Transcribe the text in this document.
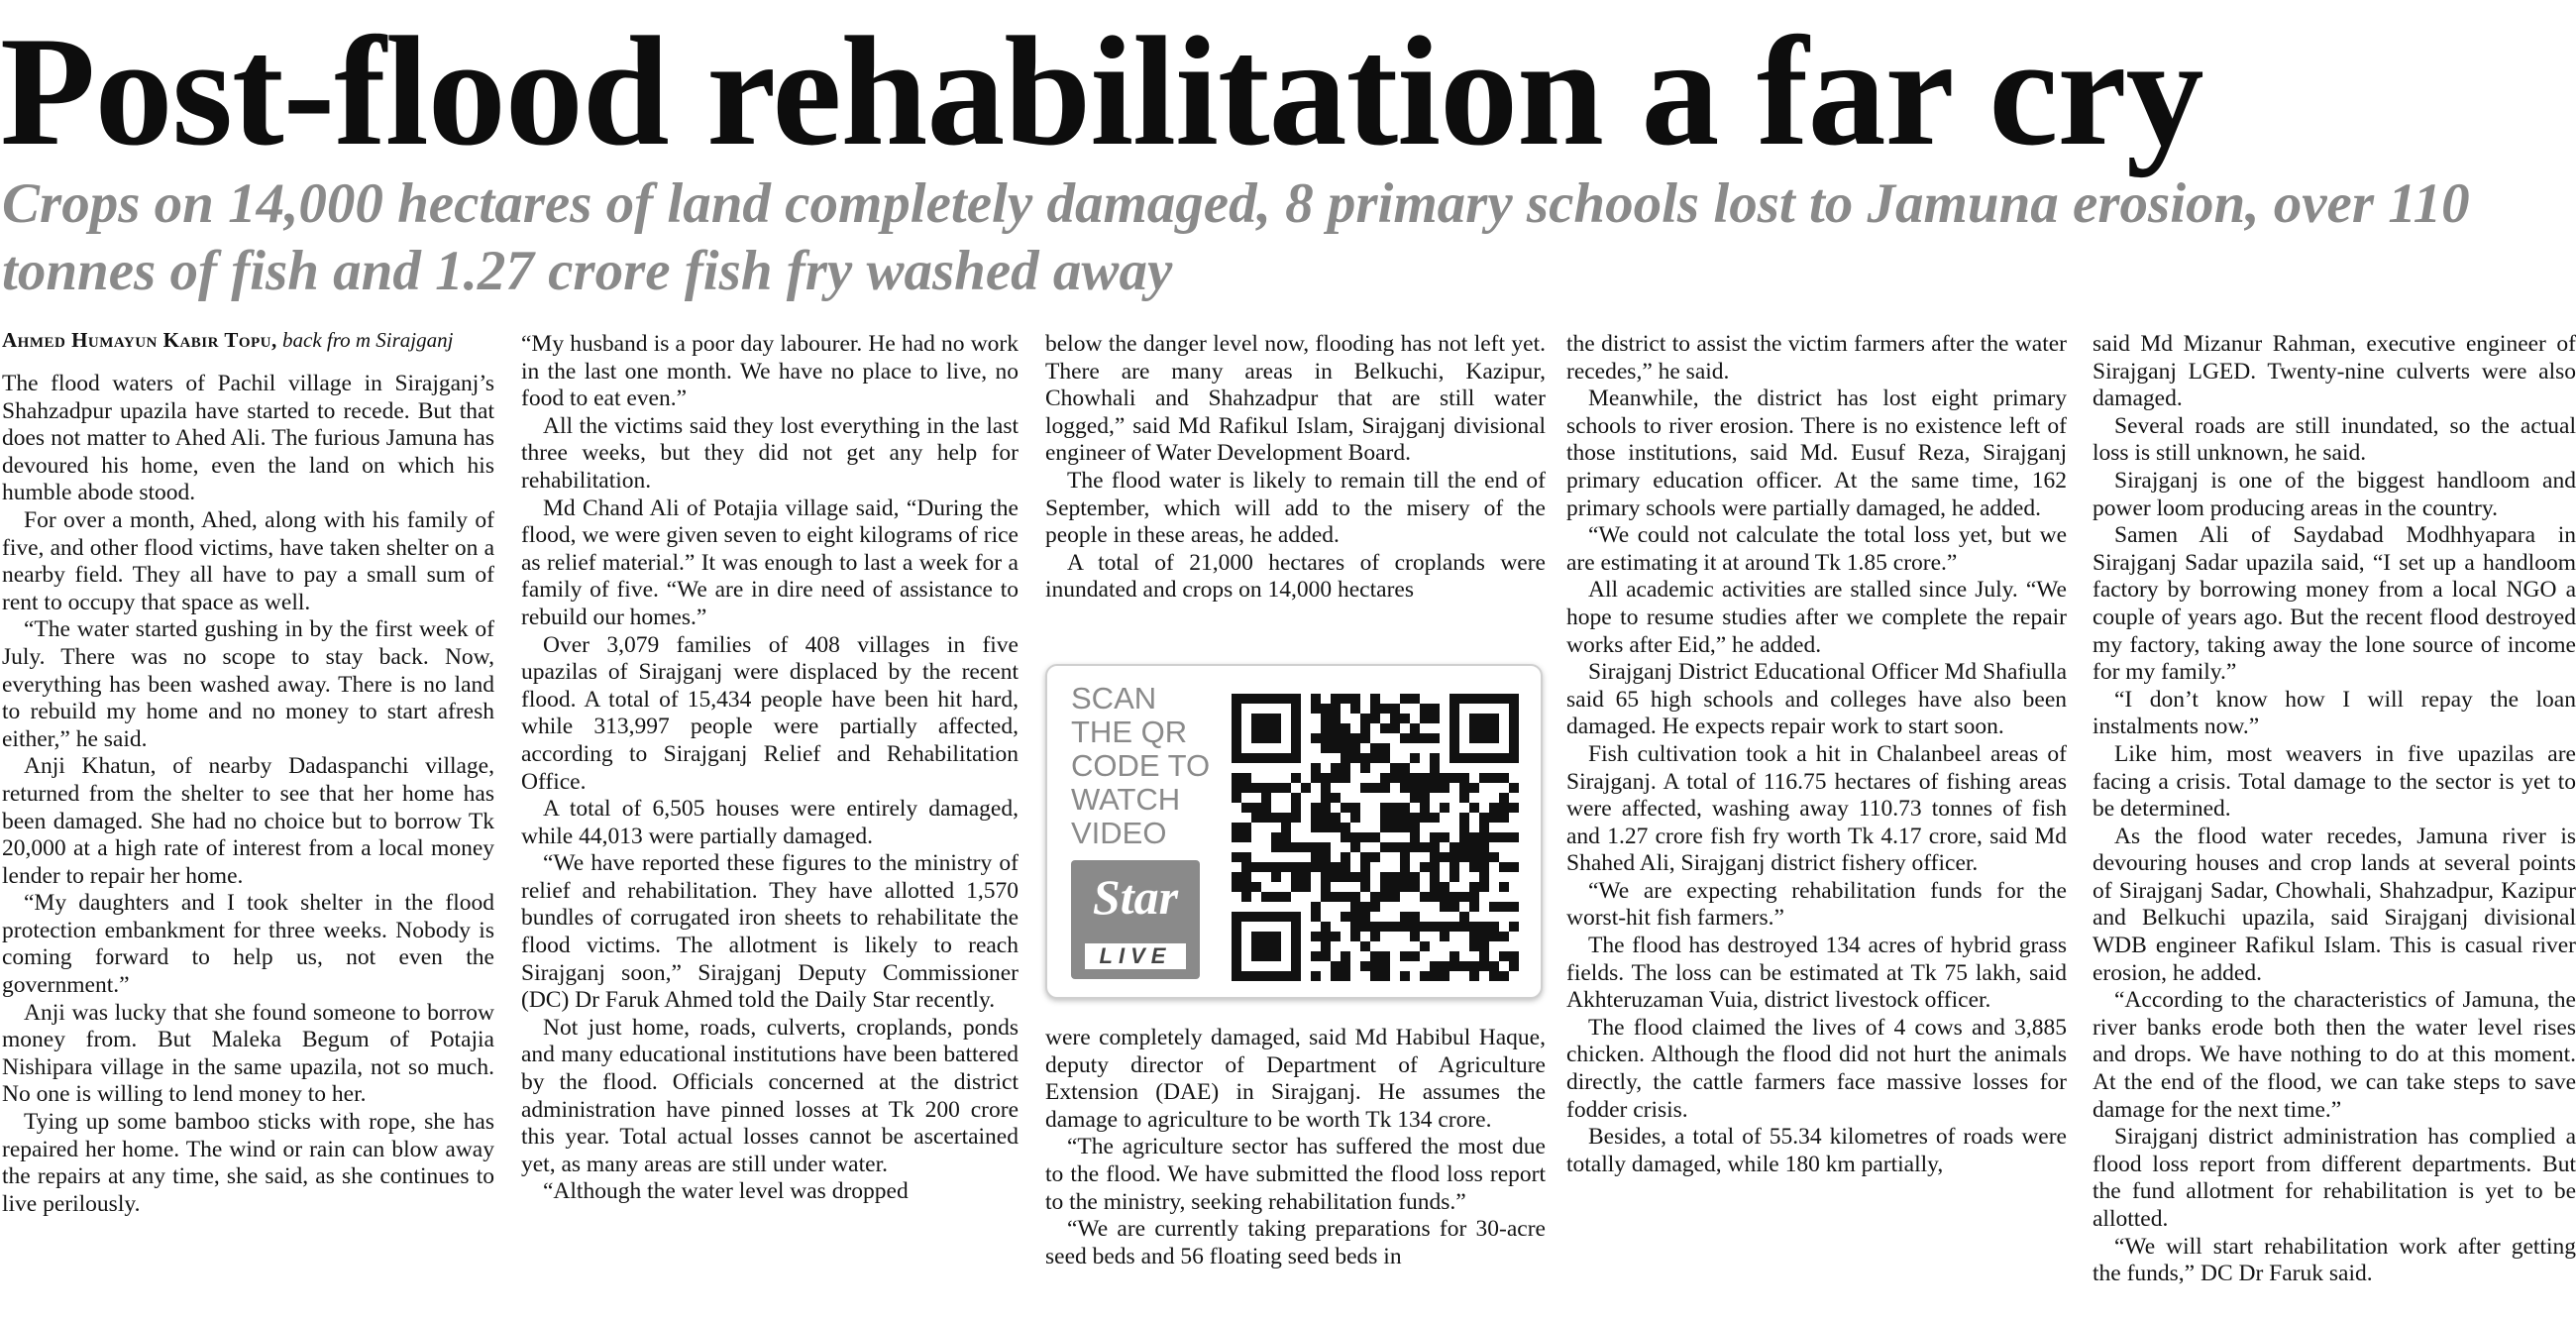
Post-flood rehabilitation a far cry
Crops on 14,000 hectares of land completely damaged, 8 primary schools lost to Jamuna erosion, over 110 tonnes of fish and 1.27 crore fish fry washed away
Ahmed Humayun Kabir Topu, back fro m Sirajganj

The flood waters of Pachil village in Sirajganj’s Shahzadpur upazila have started to recede. But that does not matter to Ahed Ali. The furious Jamuna has devoured his home, even the land on which his humble abode stood.

For over a month, Ahed, along with his family of five, and other flood victims, have taken shelter on a nearby field. They all have to pay a small sum of rent to occupy that space as well.

“The water started gushing in by the first week of July. There was no scope to stay back. Now, everything has been washed away. There is no land to rebuild my home and no money to start afresh either,” he said.

Anji Khatun, of nearby Dadaspanchi village, returned from the shelter to see that her home has been damaged. She had no choice but to borrow Tk 20,000 at a high rate of interest from a local money lender to repair her home.

“My daughters and I took shelter in the flood protection embankment for three weeks. Nobody is coming forward to help us, not even the government.”

Anji was lucky that she found someone to borrow money from. But Maleka Begum of Potajia Nishipara village in the same upazila, not so much. No one is willing to lend money to her.

Tying up some bamboo sticks with rope, she has repaired her home. The wind or rain can blow away the repairs at any time, she said, as she continues to live perilously.

“My husband is a poor day labourer. He had no work in the last one month. We have no place to live, no food to eat even.”

All the victims said they lost everything in the last three weeks, but they did not get any help for rehabilitation.

Md Chand Ali of Potajia village said, “During the flood, we were given seven to eight kilograms of rice as relief material.” It was enough to last a week for a family of five. “We are in dire need of assistance to rebuild our homes.”

Over 3,079 families of 408 villages in five upazilas of Sirajganj were displaced by the recent flood. A total of 15,434 people have been hit hard, while 313,997 people were partially affected, according to Sirajganj Relief and Rehabilitation Office.

A total of 6,505 houses were entirely damaged, while 44,013 were partially damaged.

“We have reported these figures to the ministry of relief and rehabilitation. They have allotted 1,570 bundles of corrugated iron sheets to rehabilitate the flood victims. The allotment is likely to reach Sirajganj soon,” Sirajganj Deputy Commissioner (DC) Dr Faruk Ahmed told the Daily Star recently.

Not just home, roads, culverts, croplands, ponds and many educational institutions have been battered by the flood. Officials concerned at the district administration have pinned losses at Tk 200 crore this year. Total actual losses cannot be ascertained yet, as many areas are still under water.

“Although the water level was dropped

below the danger level now, flooding has not left yet. There are many areas in Belkuchi, Kazipur, Chowhali and Shahzadpur that are still water logged,” said Md Rafikul Islam, Sirajganj divisional engineer of Water Development Board.

The flood water is likely to remain till the end of September, which will add to the misery of the people in these areas, he added.

A total of 21,000 hectares of croplands were inundated and crops on 14,000 hectares

were completely damaged, said Md Habibul Haque, deputy director of Department of Agriculture Extension (DAE) in Sirajganj. He assumes the damage to agriculture to be worth Tk 134 crore.

“The agriculture sector has suffered the most due to the flood. We have submitted the flood loss report to the ministry, seeking rehabilitation funds.”

“We are currently taking preparations for 30-acre seed beds and 56 floating seed beds in

the district to assist the victim farmers after the water recedes,” he said.

Meanwhile, the district has lost eight primary schools to river erosion. There is no existence left of those institutions, said Md. Eusuf Reza, Sirajganj primary education officer. At the same time, 162 primary schools were partially damaged, he added.

“We could not calculate the total loss yet, but we are estimating it at around Tk 1.85 crore.”

All academic activities are stalled since July. “We hope to resume studies after we complete the repair works after Eid,” he added.

Sirajganj District Educational Officer Md Shafiulla said 65 high schools and colleges have also been damaged. He expects repair work to start soon.

Fish cultivation took a hit in Chalanbeel areas of Sirajganj. A total of 116.75 hectares of fishing areas were affected, washing away 110.73 tonnes of fish and 1.27 crore fish fry worth Tk 4.17 crore, said Md Shahed Ali, Sirajganj district fishery officer.

“We are expecting rehabilitation funds for the worst-hit fish farmers.”

The flood has destroyed 134 acres of hybrid grass fields. The loss can be estimated at Tk 75 lakh, said Akhteruzaman Vuia, district livestock officer.

The flood claimed the lives of 4 cows and 3,885 chicken. Although the flood did not hurt the animals directly, the cattle farmers face massive losses for fodder crisis.

Besides, a total of 55.34 kilometres of roads were totally damaged, while 180 km partially,

said Md Mizanur Rahman, executive engineer of Sirajganj LGED. Twenty-nine culverts were also damaged.

Several roads are still inundated, so the actual loss is still unknown, he said.

Sirajganj is one of the biggest handloom and power loom producing areas in the country.

Samen Ali of Saydabad Modhhyapara in Sirajganj Sadar upazila said, “I set up a handloom factory by borrowing money from a local NGO a couple of years ago. But the recent flood destroyed my factory, taking away the lone source of income for my family.”

“I don’t know how I will repay the loan instalments now.”

Like him, most weavers in five upazilas are facing a crisis. Total damage to the sector is yet to be determined.

As the flood water recedes, Jamuna river is devouring houses and crop lands at several points of Sirajganj Sadar, Chowhali, Shahzadpur, Kazipur and Belkuchi upazila, said Sirajganj divisional WDB engineer Rafikul Islam. This is casual river erosion, he added.

“According to the characteristics of Jamuna, the river banks erode both then the water level rises and drops. We have nothing to do at this moment. At the end of the flood, we can take steps to save damage for the next time.”

Sirajganj district administration has complied a flood loss report from different departments. But the fund allotment for rehabilitation is yet to be allotted.

“We will start rehabilitation work after getting the funds,” DC Dr Faruk said.

SCAN
THE QR
CODE TO
WATCH
VIDEO
Star
LIVE
